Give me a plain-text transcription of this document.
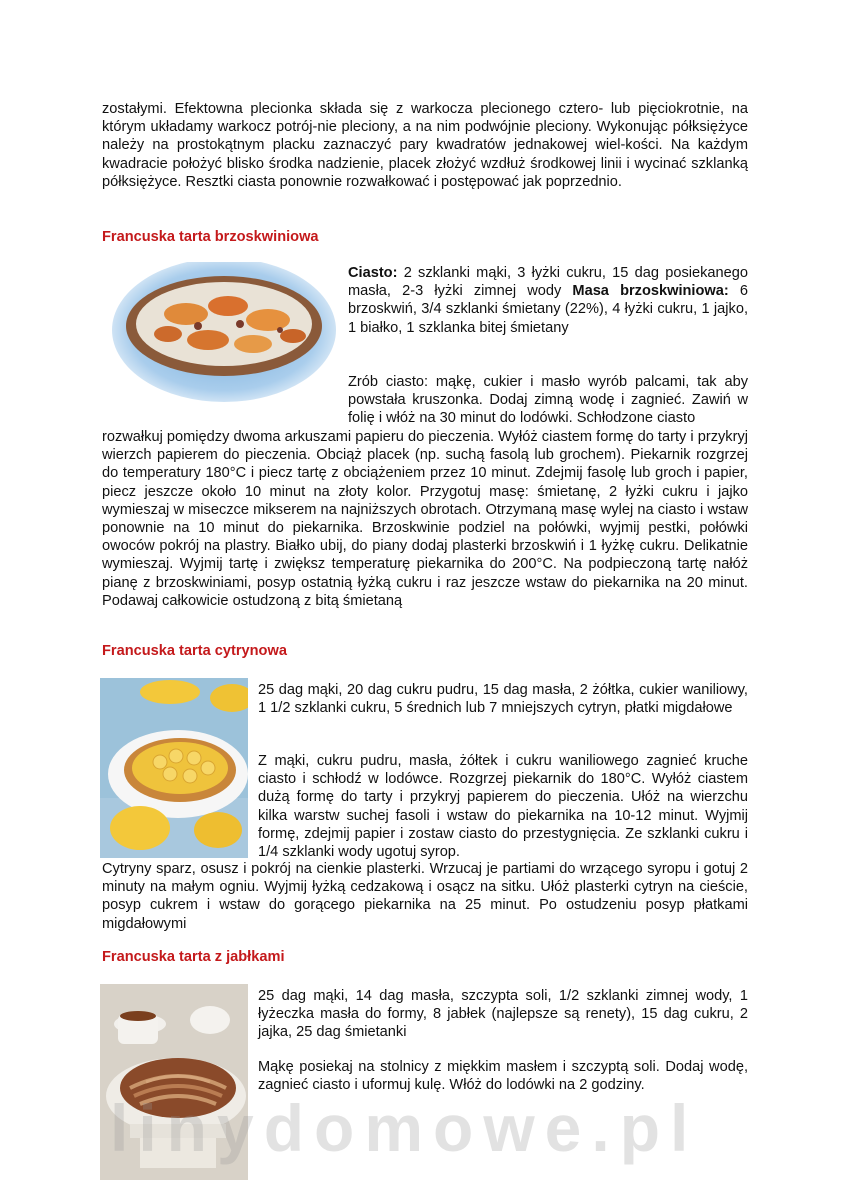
zostałymi. Efektowna plecionka składa się z warkocza plecionego cztero- lub pięciokrotnie, na którym układamy warkocz potrój-nie pleciony, a na nim podwójnie pleciony. Wykonując półksiężyce należy na prostokątnym placku zaznaczyć pary kwadratów jednakowej wiel-kości. Na każdym kwadracie położyć blisko środka nadzienie, placek złożyć wzdłuż środkowej linii i wycinać szklanką półksiężyce. Resztki ciasta ponownie rozwałkować i postępować jak poprzednio.
Francuska tarta brzoskwiniowa
Ciasto: 2 szklanki mąki, 3 łyżki cukru, 15 dag posiekanego masła, 2-3 łyżki zimnej wody Masa brzoskwiniowa: 6 brzoskwiń, 3/4 szklanki śmietany (22%), 4 łyżki cukru, 1 jajko, 1 białko, 1 szklanka bitej śmietany
Zrób ciasto: mąkę, cukier i masło wyrób palcami, tak aby powstała kruszonka. Dodaj zimną wodę i zagnieć. Zawiń w folię i włóż na 30 minut do lodówki. Schłodzone ciasto
rozwałkuj pomiędzy dwoma arkuszami papieru do pieczenia. Wyłóż ciastem formę do tarty i przykryj wierzch papierem do pieczenia. Obciąż placek (np. suchą fasolą lub grochem). Piekarnik rozgrzej do temperatury 180°C i piecz tartę z obciążeniem przez 10 minut. Zdejmij fasolę lub groch i papier, piecz jeszcze około 10 minut na złoty kolor. Przygotuj masę: śmietanę, 2 łyżki cukru i jajko wymieszaj w miseczce mikserem na najniższych obrotach. Otrzymaną masę wylej na ciasto i wstaw ponownie na 10 minut do piekarnika. Brzoskwinie podziel na połówki, wyjmij pestki, połówki owoców pokrój na plastry. Białko ubij, do piany dodaj plasterki brzoskwiń i 1 łyżkę cukru. Delikatnie wymieszaj. Wyjmij tartę i zwiększ temperaturę piekarnika do 200°C. Na podpieczoną tartę nałóż pianę z brzoskwiniami, posyp ostatnią łyżką cukru i raz jeszcze wstaw do piekarnika na 20 minut. Podawaj całkowicie ostudzoną z bitą śmietaną
Francuska tarta cytrynowa
25 dag mąki, 20 dag cukru pudru, 15 dag masła, 2 żółtka, cukier waniliowy, 1 1/2 szklanki cukru, 5 średnich lub 7 mniejszych cytryn, płatki migdałowe
Z mąki, cukru pudru, masła, żółtek i cukru waniliowego zagnieć kruche ciasto i schłodź w lodówce. Rozgrzej piekarnik do 180°C. Wyłóż ciastem dużą formę do tarty i przykryj papierem do pieczenia. Ułóż na wierzchu kilka warstw suchej fasoli i wstaw do piekarnika na 10-12 minut. Wyjmij formę, zdejmij papier i zostaw ciasto do przestygnięcia. Ze szklanki cukru i 1/4 szklanki wody ugotuj syrop.
Cytryny sparz, osusz i pokrój na cienkie plasterki. Wrzucaj je partiami do wrzącego syropu i gotuj 2 minuty na małym ogniu. Wyjmij łyżką cedzakową i osącz na sitku. Ułóż plasterki cytryn na cieście, posyp cukrem i wstaw do gorącego piekarnika na 25 minut. Po ostudzeniu posyp płatkami migdałowymi
Francuska tarta z jabłkami
25 dag mąki, 14 dag masła, szczypta soli, 1/2 szklanki zimnej wody, 1 łyżeczka masła do formy, 8 jabłek (najlepsze są renety), 15 dag cukru, 2 jajka, 25 dag śmietanki
Mąkę posiekaj na stolnicy z miękkim masłem i szczyptą soli. Dodaj wodę, zagnieć ciasto i uformuj kulę. Włóż do lodówki na 2 godziny.
linydomowe.pl
